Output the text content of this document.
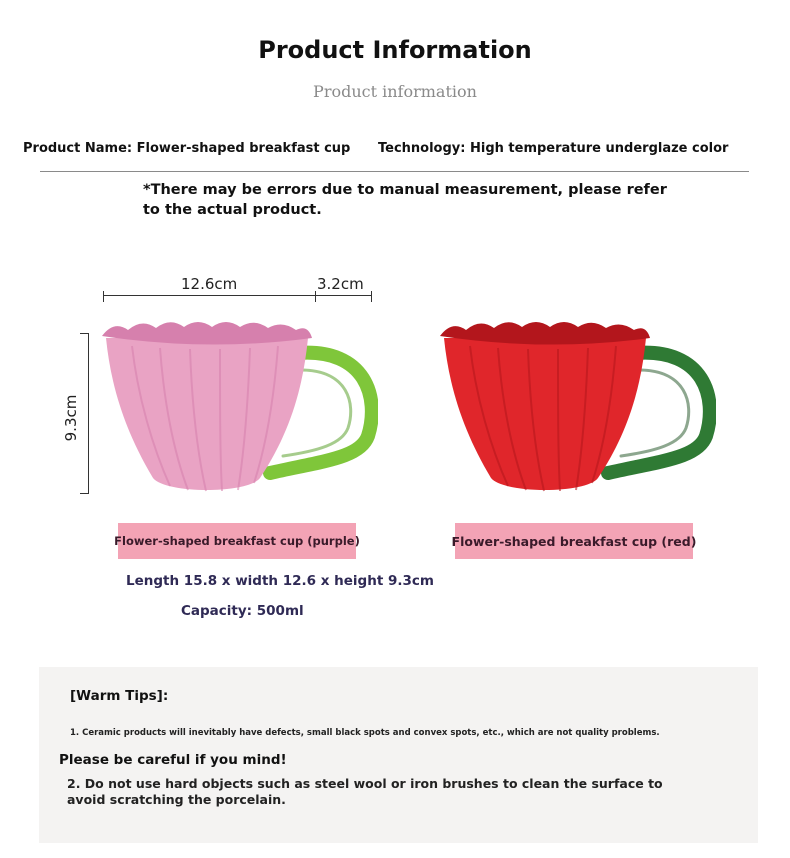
Product Information
Product information
Product Name: Flower-shaped breakfast cup Technology: High temperature underglaze color
*There may be errors due to manual measurement, please refer to the actual product.
12.6cm	3.2cm
9.3cm
Flower-shaped breakfast cup (purple)	Flower-shaped breakfast cup (red)
Length 15.8 x width 12.6 x height 9.3cm
Capacity: 500ml
[Warm Tips]:
1. Ceramic products will inevitably have defects, small black spots and convex spots, etc., which are not quality problems.
Please be careful if you mind!
2. Do not use hard objects such as steel wool or iron brushes to clean the surface to avoid scratching the porcelain.
